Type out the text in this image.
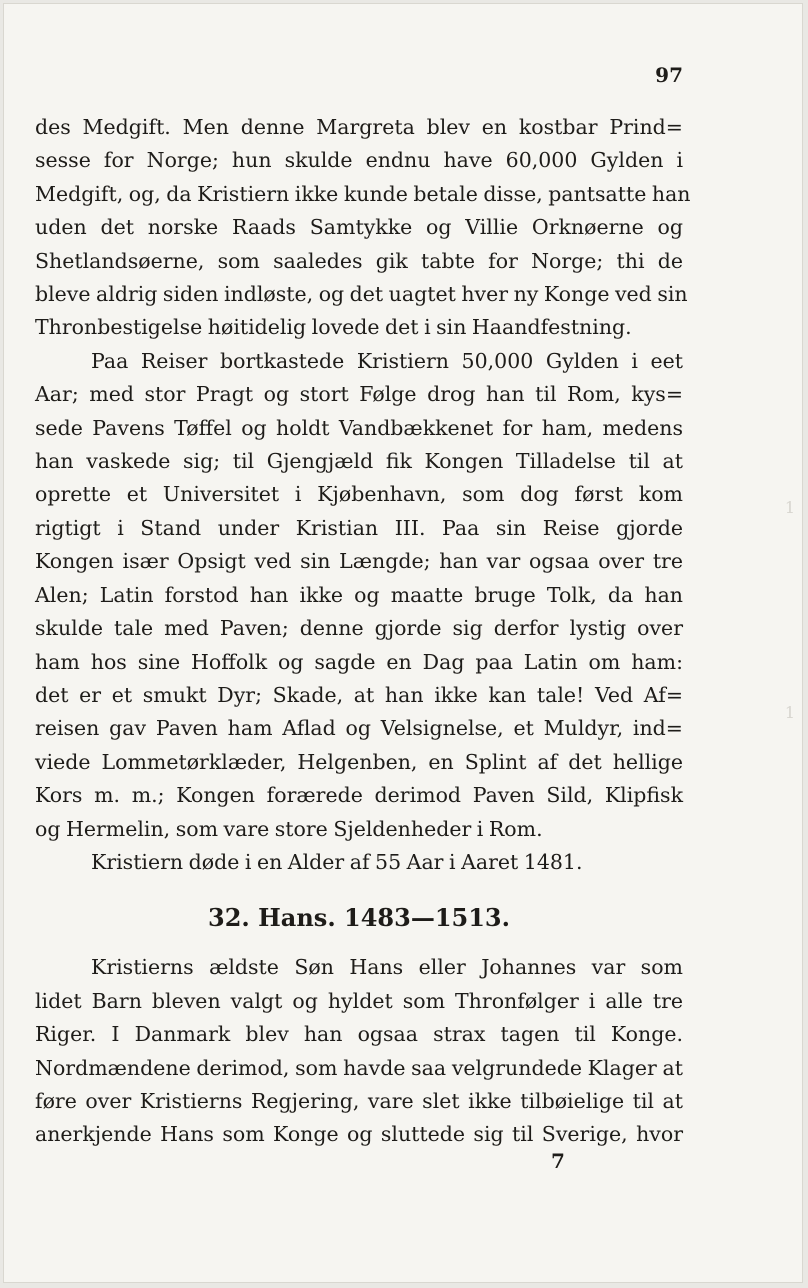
1
1
97
des Medgift. Men denne Margreta blev en kostbar Prind=
sesse for Norge; hun skulde endnu have 60,000 Gylden i
Medgift, og, da Kristiern ikke kunde betale disse, pantsatte han
uden det norske Raads Samtykke og Villie Orknøerne og
Shetlandsøerne, som saaledes gik tabte for Norge; thi de
bleve aldrig siden indløste, og det uagtet hver ny Konge ved sin
Thronbestigelse høitidelig lovede det i sin Haandfestning.
Paa Reiser bortkastede Kristiern 50,000 Gylden i eet
Aar; med stor Pragt og stort Følge drog han til Rom, kys=
sede Pavens Tøffel og holdt Vandbækkenet for ham, medens
han vaskede sig; til Gjengjæld fik Kongen Tilladelse til at
oprette et Universitet i Kjøbenhavn, som dog først kom
rigtigt i Stand under Kristian III. Paa sin Reise gjorde
Kongen især Opsigt ved sin Længde; han var ogsaa over tre
Alen; Latin forstod han ikke og maatte bruge Tolk, da han
skulde tale med Paven; denne gjorde sig derfor lystig over
ham hos sine Hoffolk og sagde en Dag paa Latin om ham:
det er et smukt Dyr; Skade, at han ikke kan tale! Ved Af=
reisen gav Paven ham Aflad og Velsignelse, et Muldyr, ind=
viede Lommetørklæder, Helgenben, en Splint af det hellige
Kors m. m.; Kongen forærede derimod Paven Sild, Klipfisk
og Hermelin, som vare store Sjeldenheder i Rom.
Kristiern døde i en Alder af 55 Aar i Aaret 1481.
32. Hans. 1483—1513.
Kristierns ældste Søn Hans eller Johannes var som
lidet Barn bleven valgt og hyldet som Thronfølger i alle tre
Riger. I Danmark blev han ogsaa strax tagen til Konge.
Nordmændene derimod, som havde saa velgrundede Klager at
føre over Kristierns Regjering, vare slet ikke tilbøielige til at
anerkjende Hans som Konge og sluttede sig til Sverige, hvor
7
